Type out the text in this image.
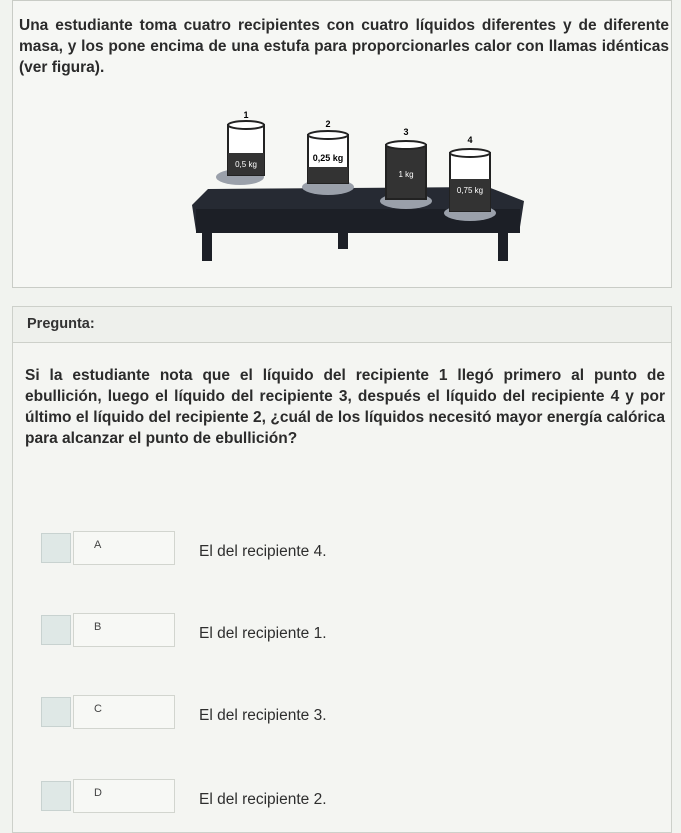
Una estudiante toma cuatro recipientes con cuatro líquidos diferentes y de diferente masa, y los pone encima de una estufa para proporcionarles calor con llamas idénticas (ver figura).
1
0,5 kg
2
0,25 kg
3
1 kg
4
0,75 kg
Pregunta:
Si la estudiante nota que el líquido del recipiente 1 llegó primero al punto de ebullición, luego el líquido del recipiente 3, después el líquido del recipiente 4 y por último el líquido del recipiente 2, ¿cuál de los líquidos necesitó mayor energía calórica para alcanzar el punto de ebullición?
A	El del recipiente 4.
B	El del recipiente 1.
C	El del recipiente 3.
D	El del recipiente 2.
